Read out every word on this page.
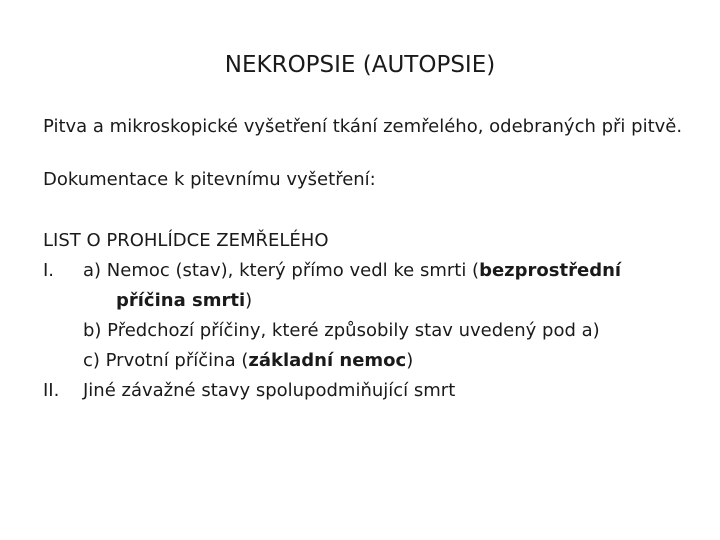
NEKROPSIE (AUTOPSIE)

Pitva a mikroskopické vyšetření tkání zemřelého, odebraných při pitvě.

Dokumentace k pitevnímu vyšetření:

LIST O PROHLÍDCE ZEMŘELÉHO

I.	a) Nemoc (stav), který přímo vedl ke smrti (bezprostřední příčina smrti)

b) Předchozí příčiny, které způsobily stav uvedený pod a)

c) Prvotní příčina (základní nemoc)

II.	Jiné závažné stavy spolupodmiňující smrt
